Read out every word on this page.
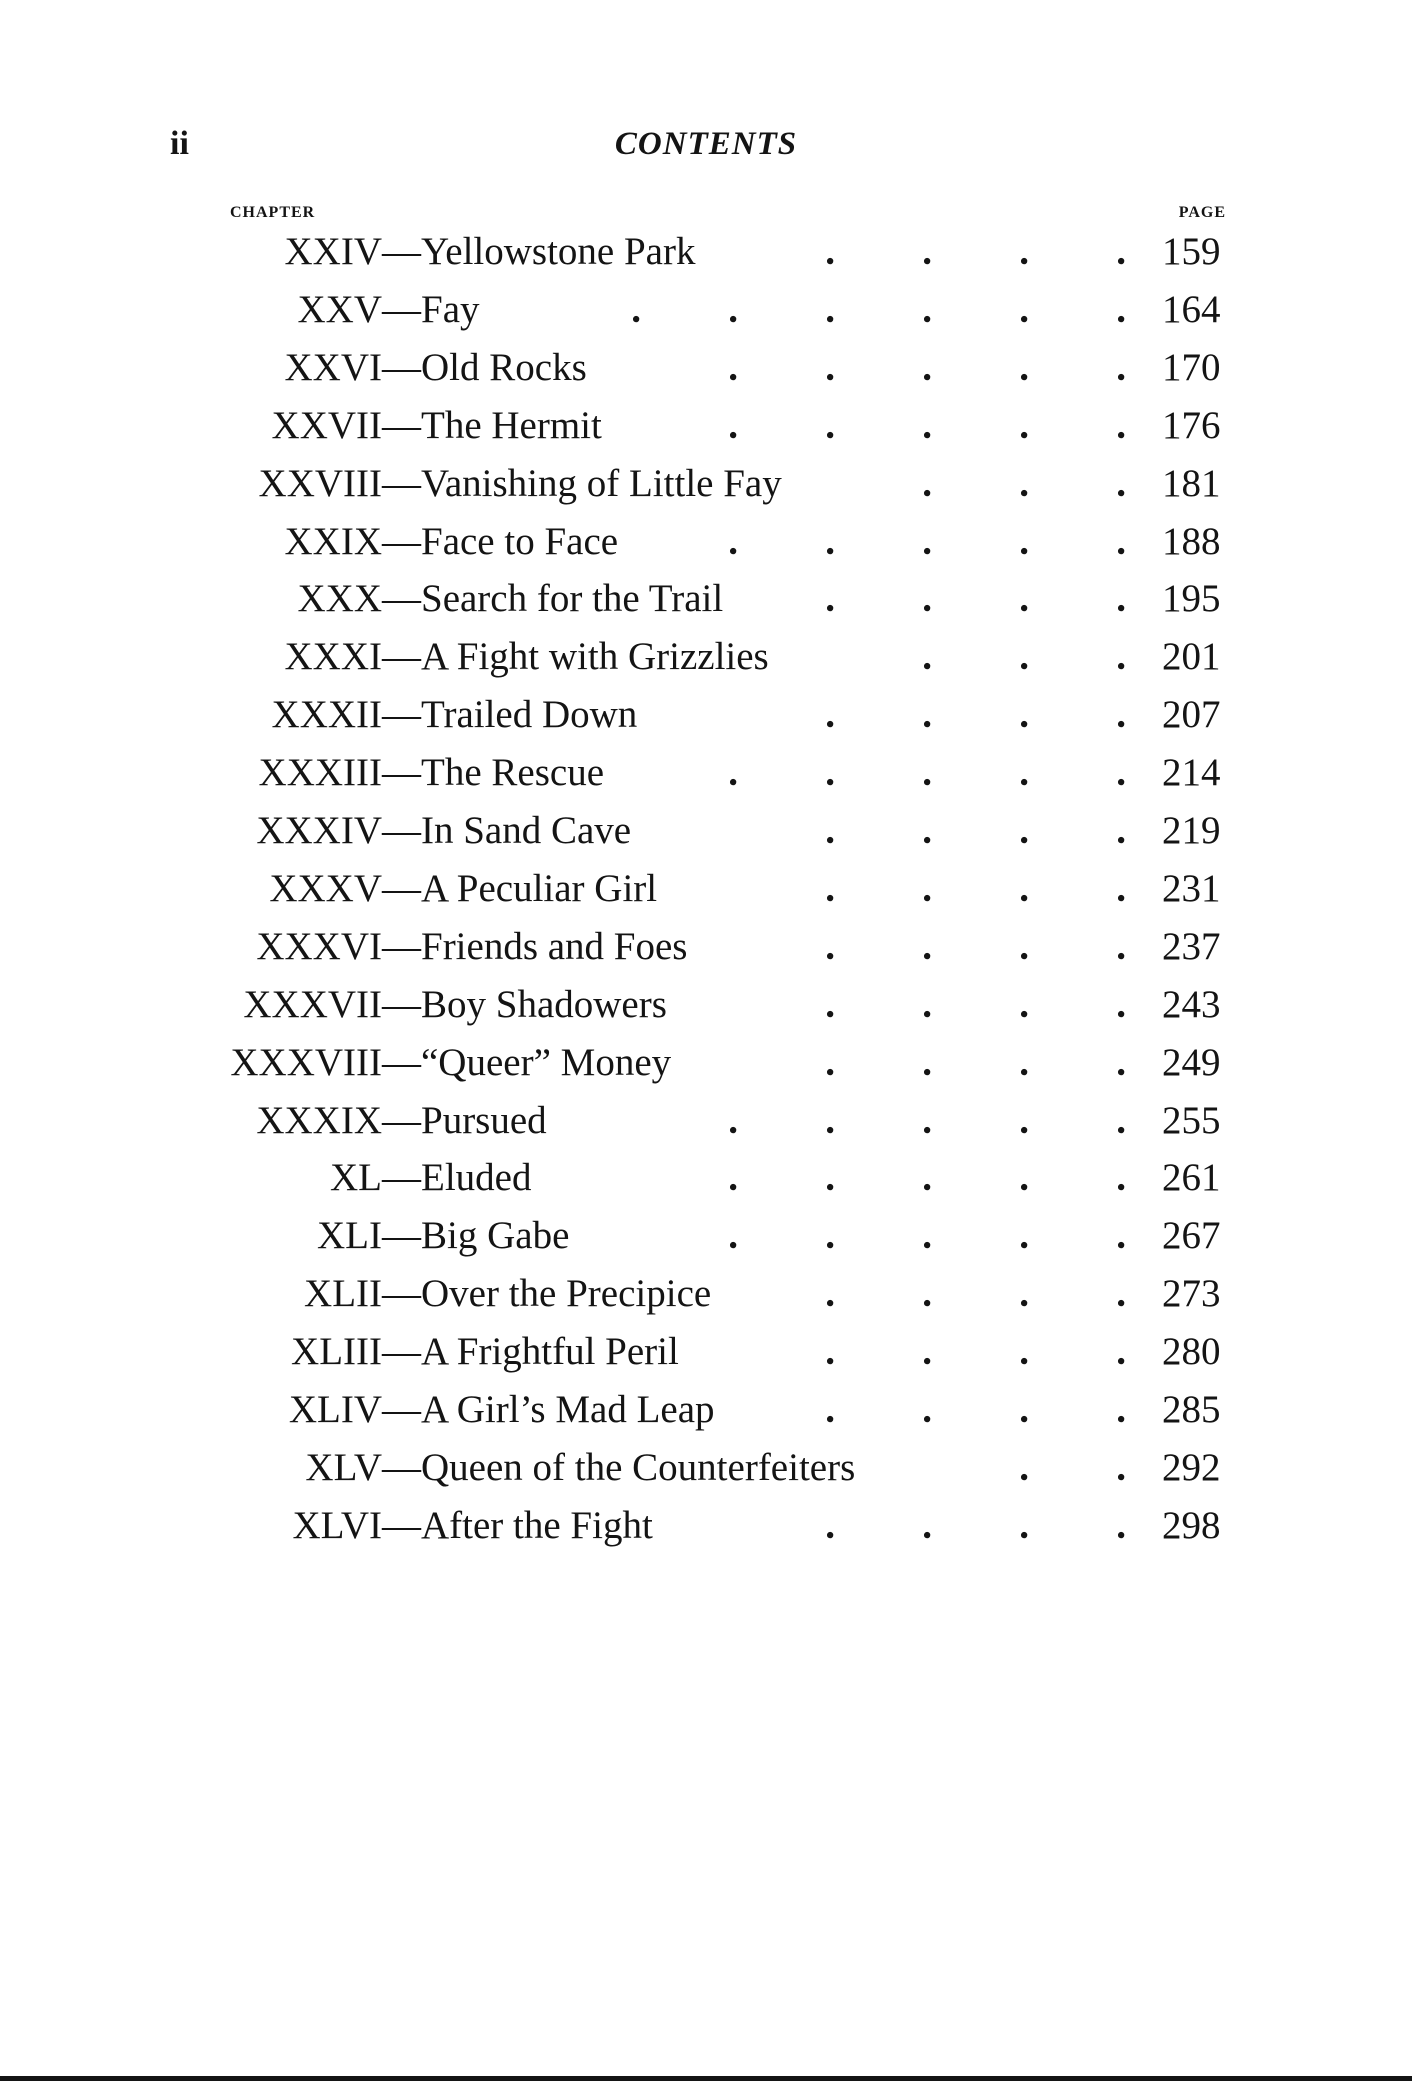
ii	CONTENTS
CHAPTER	PAGE
XXIV — Yellowstone Park	. . . . 159
XXV — Fay	. . . . . . 164
XXVI — Old Rocks	. . . . . 170
XXVII — The Hermit	. . . . . 176
XXVIII — Vanishing of Little Fay	. . . 181
XXIX — Face to Face	. . . . . 188
XXX — Search for the Trail	. . . . 195
XXXI — A Fight with Grizzlies	. . . 201
XXXII — Trailed Down	. . . . 207
XXXIII — The Rescue	. . . . . 214
XXXIV — In Sand Cave	. . . . 219
XXXV — A Peculiar Girl	. . . . 231
XXXVI — Friends and Foes	. . . . 237
XXXVII — Boy Shadowers	. . . . 243
XXXVIII — “Queer” Money	. . . . 249
XXXIX — Pursued	. . . . . 255
XL — Eluded	. . . . . 261
XLI — Big Gabe	. . . . . 267
XLII — Over the Precipice	. . . . 273
XLIII — A Frightful Peril	. . . . 280
XLIV — A Girl’s Mad Leap	. . . . 285
XLV — Queen of the Counterfeiters	. . 292
XLVI — After the Fight	. . . . 298
